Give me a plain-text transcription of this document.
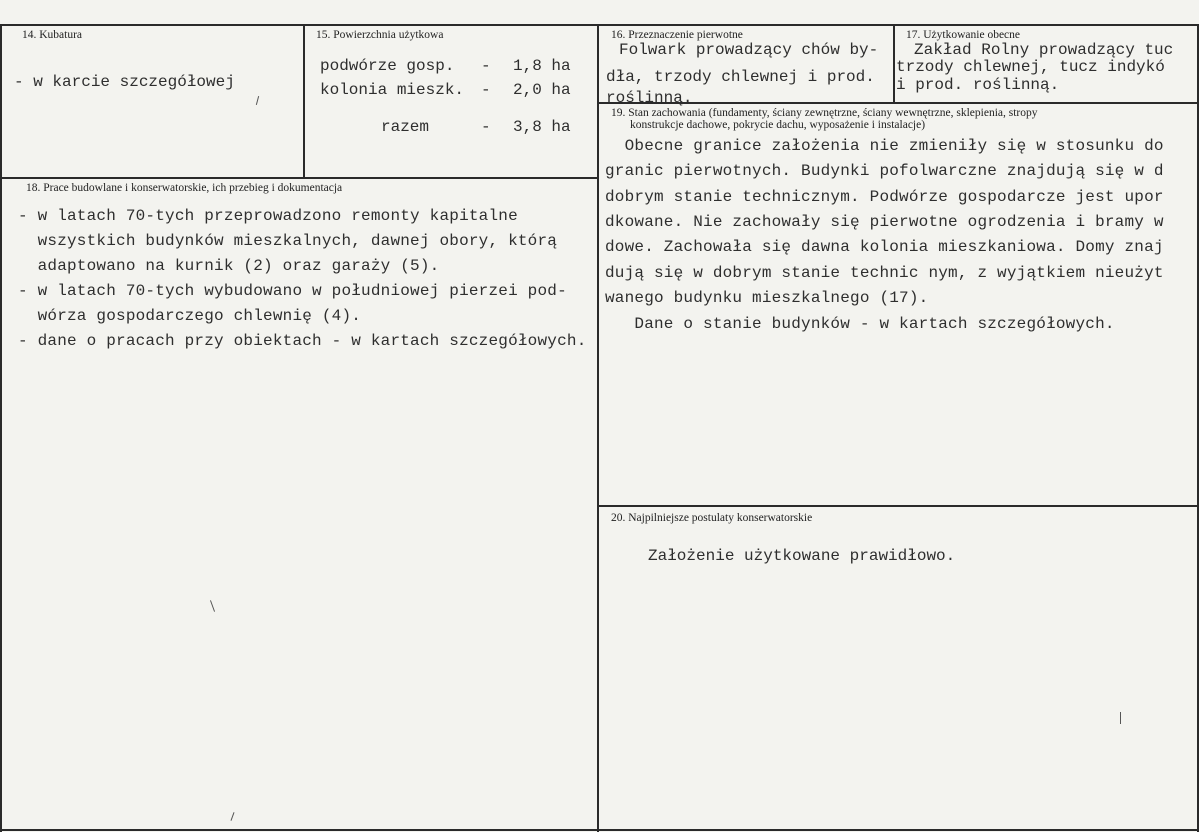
14. Kubatura
- w karcie szczegółowej
15. Powierzchnia użytkowa
podwórze gosp. - 1,8 ha
kolonia mieszk. - 2,0 ha
razem	- 3,8 ha
16. Przeznaczenie pierwotne
Folwark prowadzący chów by-
dła, trzody chlewnej i prod.
roślinną.
17. Użytkowanie obecne
Zakład Rolny prowadzący tuc
trzody chlewnej, tucz indykó
i prod. roślinną.
18. Prace budowlane i konserwatorskie, ich przebieg i dokumentacja
- w latach 70-tych przeprowadzono remonty kapitalne
wszystkich budynków mieszkalnych, dawnej obory, którą
adaptowano na kurnik (2) oraz garaży (5).
- w latach 70-tych wybudowano w południowej pierzei pod-
wórza gospodarczego chlewnię (4).
- dane o pracach przy obiektach - w kartach szczegółowych.
19. Stan zachowania (fundamenty, ściany zewnętrzne, ściany wewnętrzne, sklepienia, stropy
konstrukcje dachowe, pokrycie dachu, wyposażenie i instalacje)
Obecne granice założenia nie zmieniły się w stosunku do
granic pierwotnych. Budynki pofolwarczne znajdują się w d
dobrym stanie technicznym. Podwórze gospodarcze jest upor
dkowane. Nie zachowały się pierwotne ogrodzenia i bramy w
dowe. Zachowała się dawna kolonia mieszkaniowa. Domy znaj
dują się w dobrym stanie technic nym, z wyjątkiem nieużyt
wanego budynku mieszkalnego (17).
Dane o stanie budynków - w kartach szczegółowych.
20. Najpilniejsze postulaty konserwatorskie
Założenie użytkowane prawidłowo.
